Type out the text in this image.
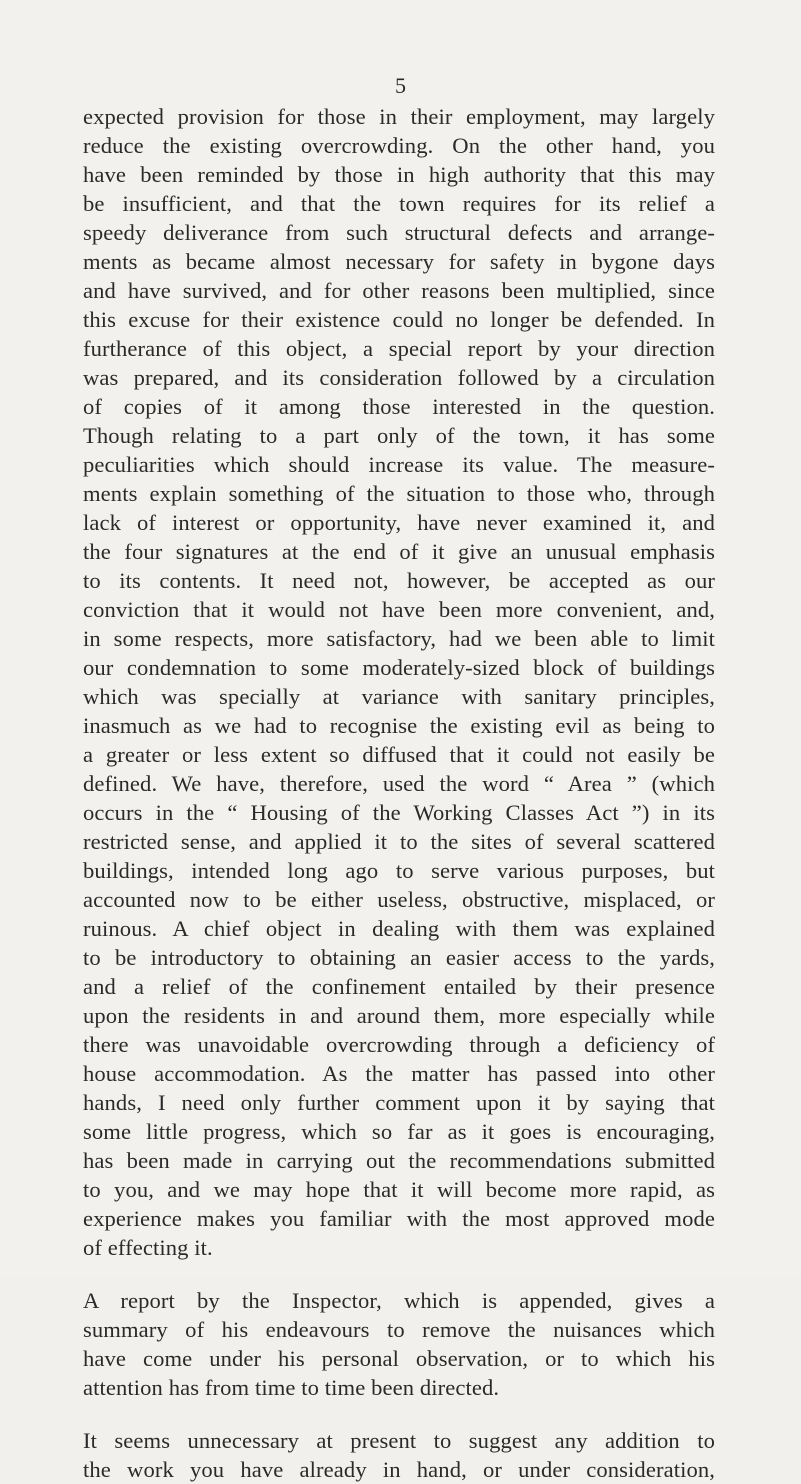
5
expected provision for those in their employment, may largely
reduce the existing overcrowding. On the other hand, you
have been reminded by those in high authority that this may
be insufficient, and that the town requires for its relief a
speedy deliverance from such structural defects and arrange-
ments as became almost necessary for safety in bygone days
and have survived, and for other reasons been multiplied, since
this excuse for their existence could no longer be defended. In
furtherance of this object, a special report by your direction
was prepared, and its consideration followed by a circulation
of copies of it among those interested in the question.
Though relating to a part only of the town, it has some
peculiarities which should increase its value. The measure-
ments explain something of the situation to those who, through
lack of interest or opportunity, have never examined it, and
the four signatures at the end of it give an unusual emphasis
to its contents. It need not, however, be accepted as our
conviction that it would not have been more convenient, and,
in some respects, more satisfactory, had we been able to limit
our condemnation to some moderately-sized block of buildings
which was specially at variance with sanitary principles,
inasmuch as we had to recognise the existing evil as being to
a greater or less extent so diffused that it could not easily be
defined. We have, therefore, used the word “ Area ” (which
occurs in the “ Housing of the Working Classes Act ”) in its
restricted sense, and applied it to the sites of several scattered
buildings, intended long ago to serve various purposes, but
accounted now to be either useless, obstructive, misplaced, or
ruinous. A chief object in dealing with them was explained
to be introductory to obtaining an easier access to the yards,
and a relief of the confinement entailed by their presence
upon the residents in and around them, more especially while
there was unavoidable overcrowding through a deficiency of
house accommodation. As the matter has passed into other
hands, I need only further comment upon it by saying that
some little progress, which so far as it goes is encouraging,
has been made in carrying out the recommendations submitted
to you, and we may hope that it will become more rapid, as
experience makes you familiar with the most approved mode
of effecting it.
A report by the Inspector, which is appended, gives a
summary of his endeavours to remove the nuisances which
have come under his personal observation, or to which his
attention has from time to time been directed.
It seems unnecessary at present to suggest any addition to
the work you have already in hand, or under consideration,
